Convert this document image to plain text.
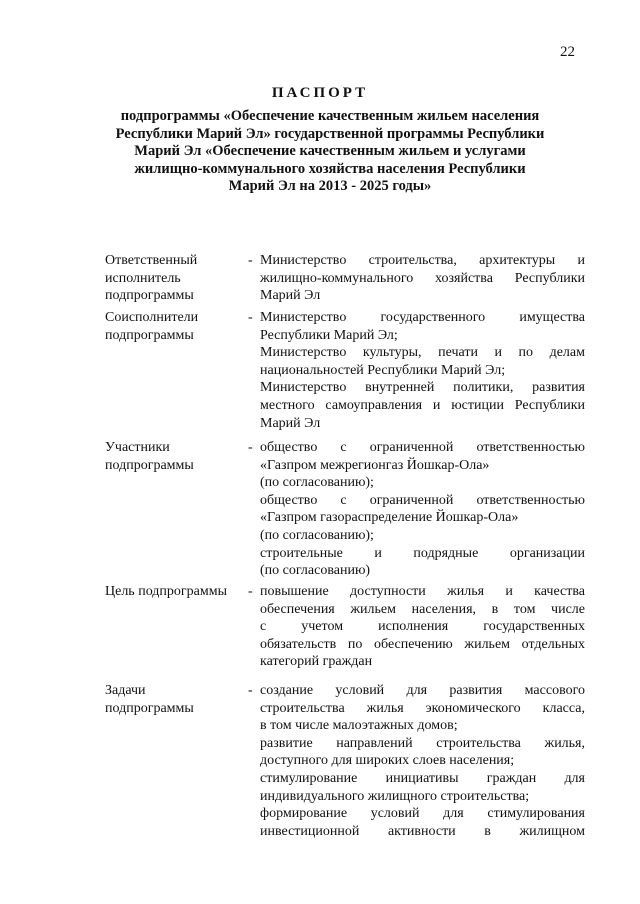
22
ПАСПОРТ
подпрограммы «Обеспечение качественным жильем населения
Республики Марий Эл» государственной программы Республики
Марий Эл «Обеспечение качественным жильем и услугами
жилищно-коммунального хозяйства населения Республики
Марий Эл на 2013 - 2025 годы»
Ответственный
исполнитель
подпрограммы
- Министерство строительства, архитектуры и
жилищно-коммунального хозяйства Республики
Марий Эл
Соисполнители
подпрограммы
- Министерство государственного имущества
Республики Марий Эл;
Министерство культуры, печати и по делам
национальностей Республики Марий Эл;
Министерство внутренней политики, развития
местного самоуправления и юстиции Республики
Марий Эл
Участники
подпрограммы
- общество с ограниченной ответственностью
«Газпром межрегионгаз Йошкар-Ола»
(по согласованию);
общество с ограниченной ответственностью
«Газпром газораспределение Йошкар-Ола»
(по согласованию);
строительные и подрядные организации
(по согласованию)
Цель подпрограммы	- повышение доступности жилья и качества
обеспечения жильем населения, в том числе
с учетом исполнения государственных
обязательств по обеспечению жильем отдельных
категорий граждан
Задачи
подпрограммы
- создание условий для развития массового
строительства жилья экономического класса,
в том числе малоэтажных домов;
развитие направлений строительства жилья,
доступного для широких слоев населения;
стимулирование инициативы граждан для
индивидуального жилищного строительства;
формирование условий для стимулирования
инвестиционной активности в жилищном
